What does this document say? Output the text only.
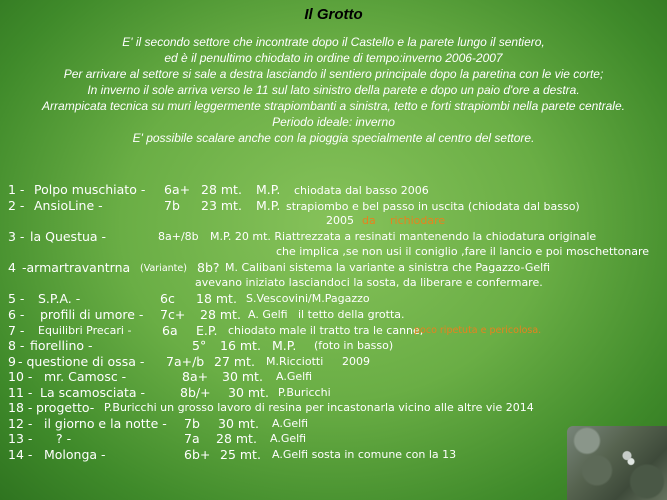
Il Grotto
E' il secondo settore che incontrate dopo il Castello e la parete lungo il sentiero,
ed è il penultimo chiodato in ordine di tempo:inverno 2006-2007
Per arrivare al settore si sale a destra lasciando il sentiero principale dopo la paretina con le vie corte;
In inverno il sole arriva verso le 11 sul lato sinistro della parete e dopo un paio d'ore a destra.
Arrampicata tecnica su muri leggermente strapiombanti a sinistra, tetto e forti strapiombi nella parete centrale.
Periodo ideale: inverno
E' possibile scalare anche con la pioggia specialmente al centro del settore.
1 - Polpo muschiato - 6a+ 28 mt. M.P. chiodata dal basso 2006
2 - AnsioLine -	7b 23 mt. M.P. strapiombo e bel passo in uscita (chiodata dal basso)
2005 da richiodare
3 - la Questua -	8a+/8b M.P. 20 mt. Riattrezzata a resinati mantenendo la chiodatura originale
che implica ,se non usi il coniglio ,fare il lancio e poi moschettonare
4 -armartravantrna (Variante) 8b? M. Calibani sistema la variante a sinistra che Pagazzo-Gelfi
avevano iniziato lasciandoci la sosta, da liberare e confermare.
5 - S.P.A. -	6c 18 mt. S.Vescovini/M.Pagazzo
6 - profili di umore - 7c+ 28 mt. A. Gelfi il tetto della grotta.
7 - Equilibri Precari - 6a E.P. chiodato male il tratto tra le canne,
poco ripetuta e pericolosa.
8 - fiorellino -	5° 16 mt. M.P. (foto in basso)
9 - questione di ossa - 7a+/b 27 mt. M.Ricciotti 2009
10 - mr. Camosc -	8a+ 30 mt. A.Gelfi
11 - La scamosciata -	8b/+ 30 mt. P.Buricchi
18 - progetto- P.Buricchi un grosso lavoro di resina per incastonarla vicino alle altre vie 2014
12 - il giorno e la notte - 7b 30 mt. A.Gelfi
13 - ? -	7a 28 mt. A.Gelfi
14 - Molonga -	6b+ 25 mt. A.Gelfi sosta in comune con la 13
